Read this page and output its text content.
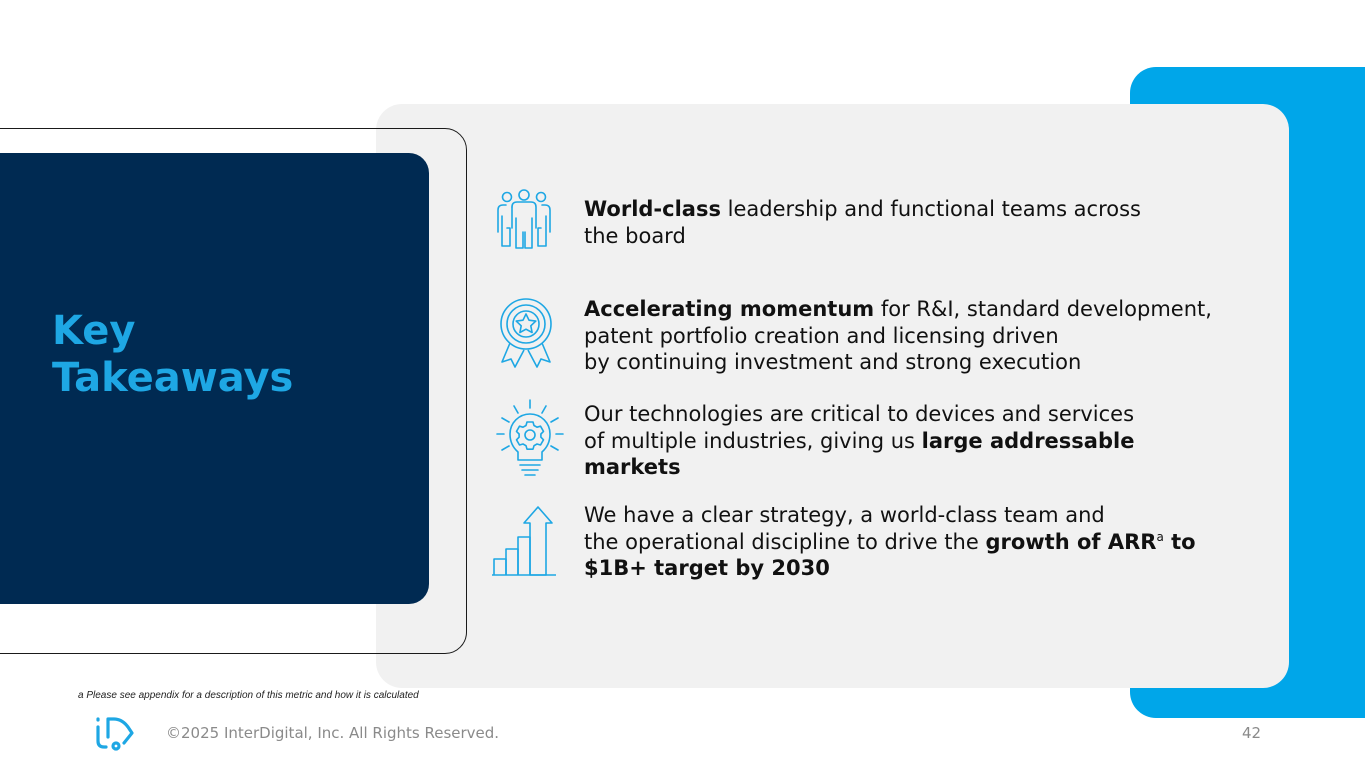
Key
Takeaways
World-class leadership and functional teams across
the board
Accelerating momentum for R&I, standard development,
patent portfolio creation and licensing driven
by continuing investment and strong execution
Our technologies are critical to devices and services
of multiple industries, giving us large addressable
markets
We have a clear strategy, a world-class team and
the operational discipline to drive the growth of ARR$^a$ to
$1B+ target by 2030
a Please see appendix for a description of this metric and how it is calculated
©2025 InterDigital, Inc. All Rights Reserved.	42
